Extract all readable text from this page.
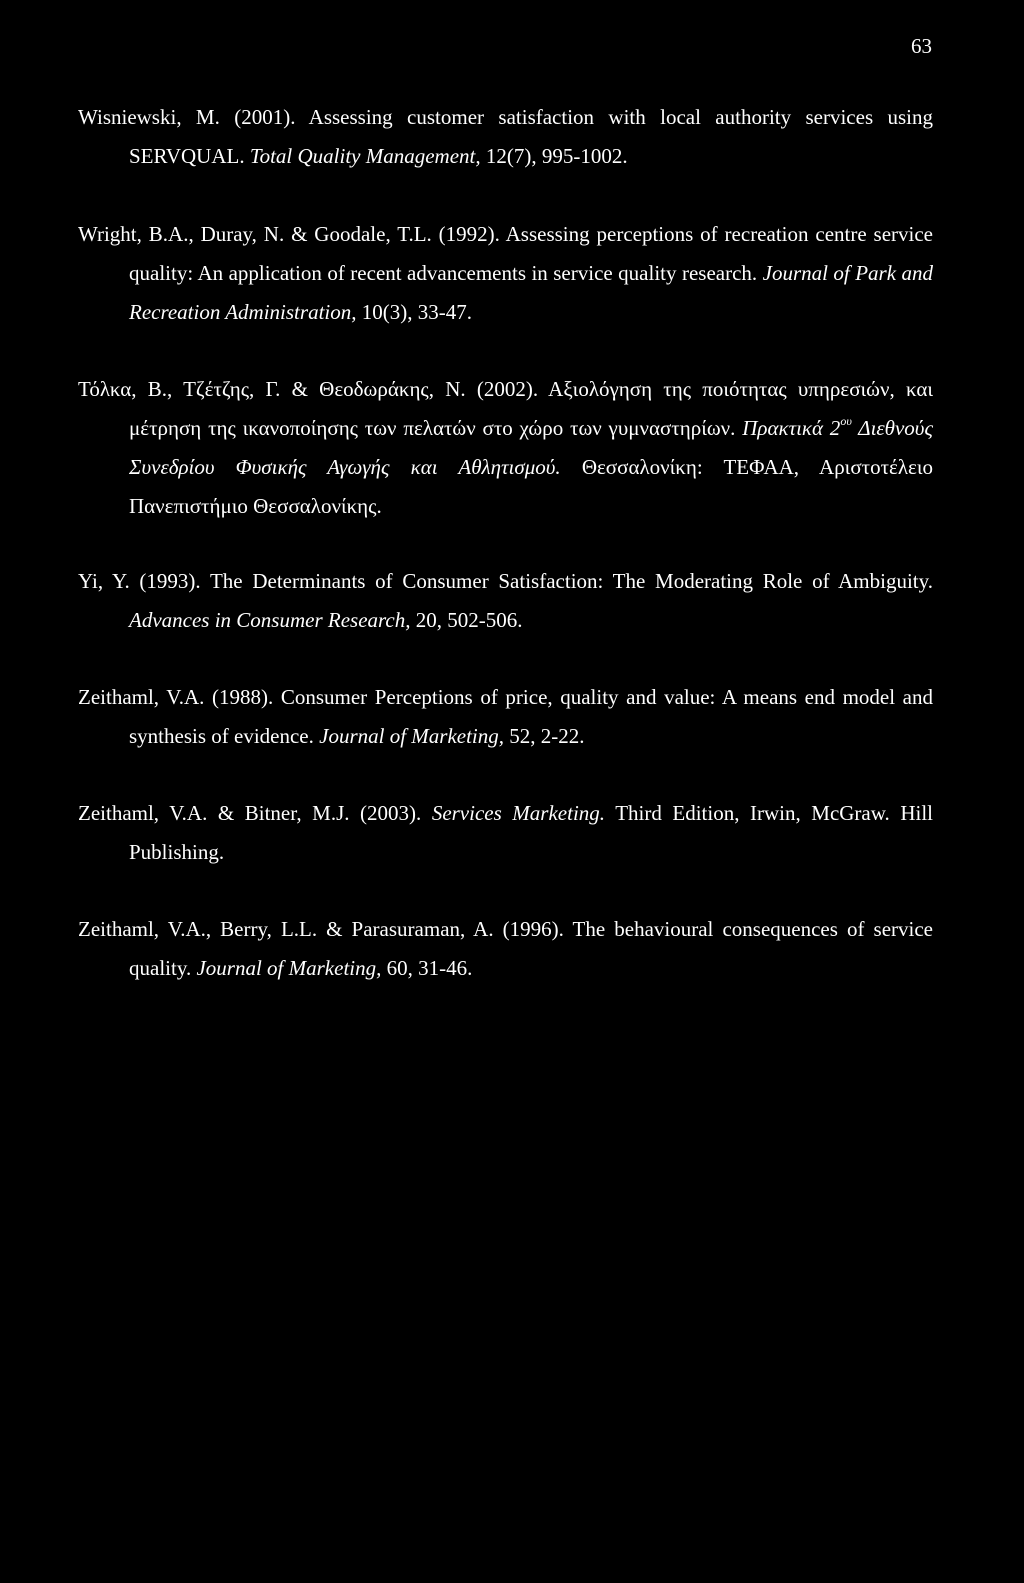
63

Wisniewski, M. (2001). Assessing customer satisfaction with local authority services using SERVQUAL. Total Quality Management, 12(7), 995-1002.

Wright, B.A., Duray, N. & Goodale, T.L. (1992). Assessing perceptions of recreation centre service quality: An application of recent advancements in service quality research. Journal of Park and Recreation Administration, 10(3), 33-47.

Τόλκα, Β., Τζέτζης, Γ. & Θεοδωράκης, Ν. (2002). Αξιολόγηση της ποιότητας υπηρεσιών, και μέτρηση της ικανοποίησης των πελατών στο χώρο των γυμναστηρίων. Πρακτικά $2^{o\upsilon}$ Διεθνούς Συνεδρίου Φυσικής Αγωγής και Αθλητισμού. Θεσσαλονίκη: ΤΕΦΑΑ, Αριστοτέλειο Πανεπιστήμιο Θεσσαλονίκης.

Yi, Y. (1993). The Determinants of Consumer Satisfaction: The Moderating Role of Ambiguity. Advances in Consumer Research, 20, 502-506.

Zeithaml, V.A. (1988). Consumer Perceptions of price, quality and value: A means end model and synthesis of evidence. Journal of Marketing, 52, 2-22.

Zeithaml, V.A. & Bitner, M.J. (2003). Services Marketing. Third Edition, Irwin, McGraw. Hill Publishing.

Zeithaml, V.A., Berry, L.L. & Parasuraman, A. (1996). The behavioural consequences of service quality. Journal of Marketing, 60, 31-46.
